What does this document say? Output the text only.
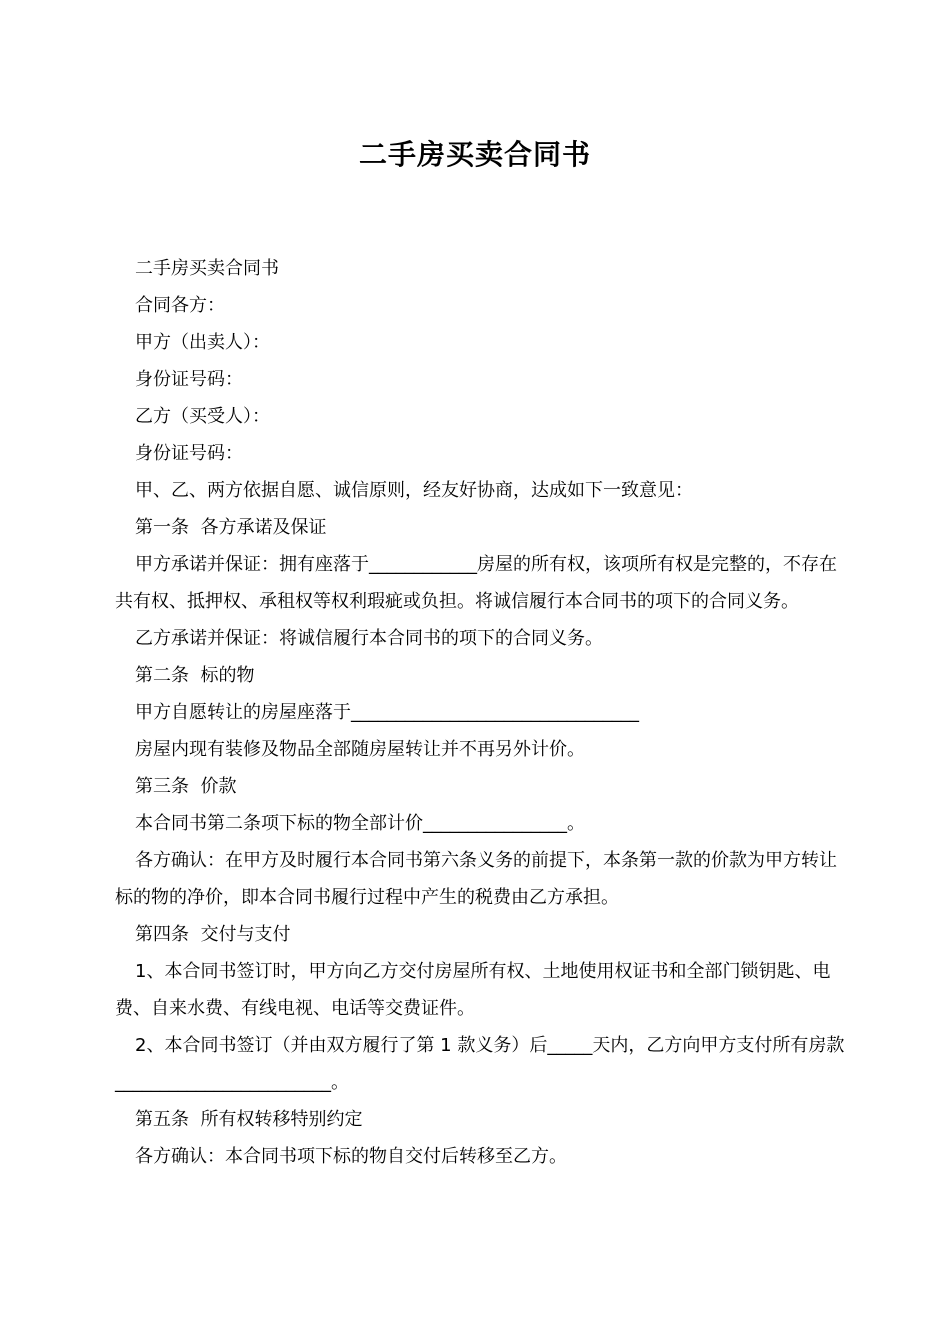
二手房买卖合同书

二手房买卖合同书

合同各方：

甲方（出卖人）：

身份证号码：

乙方（买受人）：

身份证号码：

甲、乙、两方依据自愿、诚信原则，经友好协商，达成如下一致意见：

第一条  各方承诺及保证

甲方承诺并保证：拥有座落于____________房屋的所有权，该项所有权是完整的，不存在共有权、抵押权、承租权等权利瑕疵或负担。将诚信履行本合同书的项下的合同义务。

乙方承诺并保证：将诚信履行本合同书的项下的合同义务。

第二条  标的物

甲方自愿转让的房屋座落于________________________________

房屋内现有装修及物品全部随房屋转让并不再另外计价。

第三条  价款

本合同书第二条项下标的物全部计价________________。

各方确认：在甲方及时履行本合同书第六条义务的前提下，本条第一款的价款为甲方转让标的物的净价，即本合同书履行过程中产生的税费由乙方承担。

第四条  交付与支付

1、本合同书签订时，甲方向乙方交付房屋所有权、土地使用权证书和全部门锁钥匙、电费、自来水费、有线电视、电话等交费证件。

2、本合同书签订（并由双方履行了第 1 款义务）后_____天内，乙方向甲方支付所有房款________________________。

第五条  所有权转移特别约定

各方确认：本合同书项下标的物自交付后转移至乙方。
